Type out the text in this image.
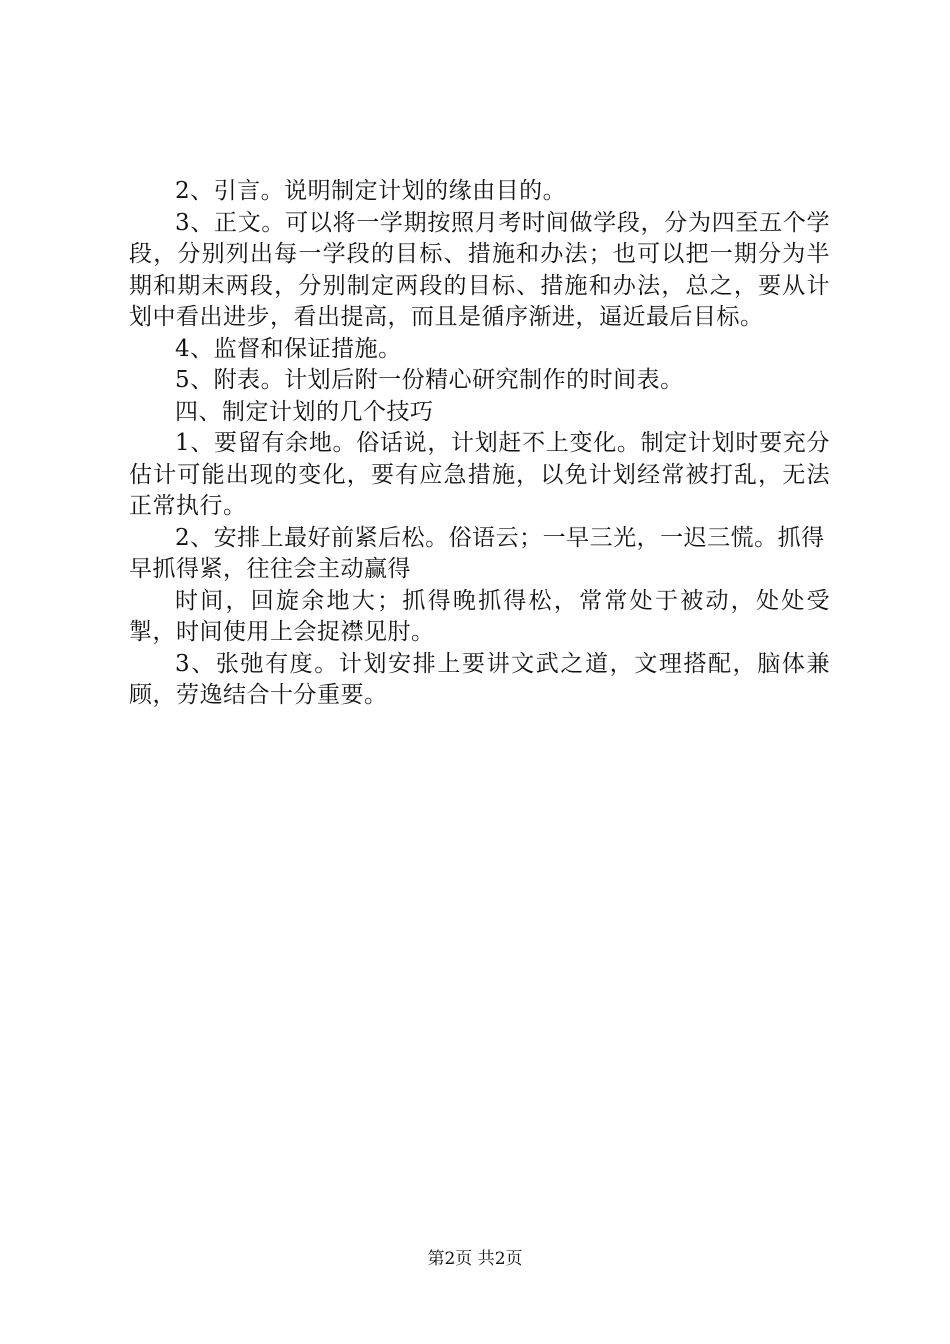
2、引言。说明制定计划的缘由目的。

3、正文。可以将一学期按照月考时间做学段，分为四至五个学段，分别列出每一学段的目标、措施和办法；也可以把一期分为半期和期末两段，分别制定两段的目标、措施和办法，总之，要从计划中看出进步，看出提高，而且是循序渐进，逼近最后目标。

4、监督和保证措施。

5、附表。计划后附一份精心研究制作的时间表。

四、制定计划的几个技巧

1、要留有余地。俗话说，计划赶不上变化。制定计划时要充分估计可能出现的变化，要有应急措施，以免计划经常被打乱，无法正常执行。

2、安排上最好前紧后松。俗语云；一早三光，一迟三慌。抓得早抓得紧，往往会主动赢得

时间，回旋余地大；抓得晚抓得松，常常处于被动，处处受掣，时间使用上会捉襟见肘。

3、张弛有度。计划安排上要讲文武之道，文理搭配，脑体兼顾，劳逸结合十分重要。

第2页 共2页
